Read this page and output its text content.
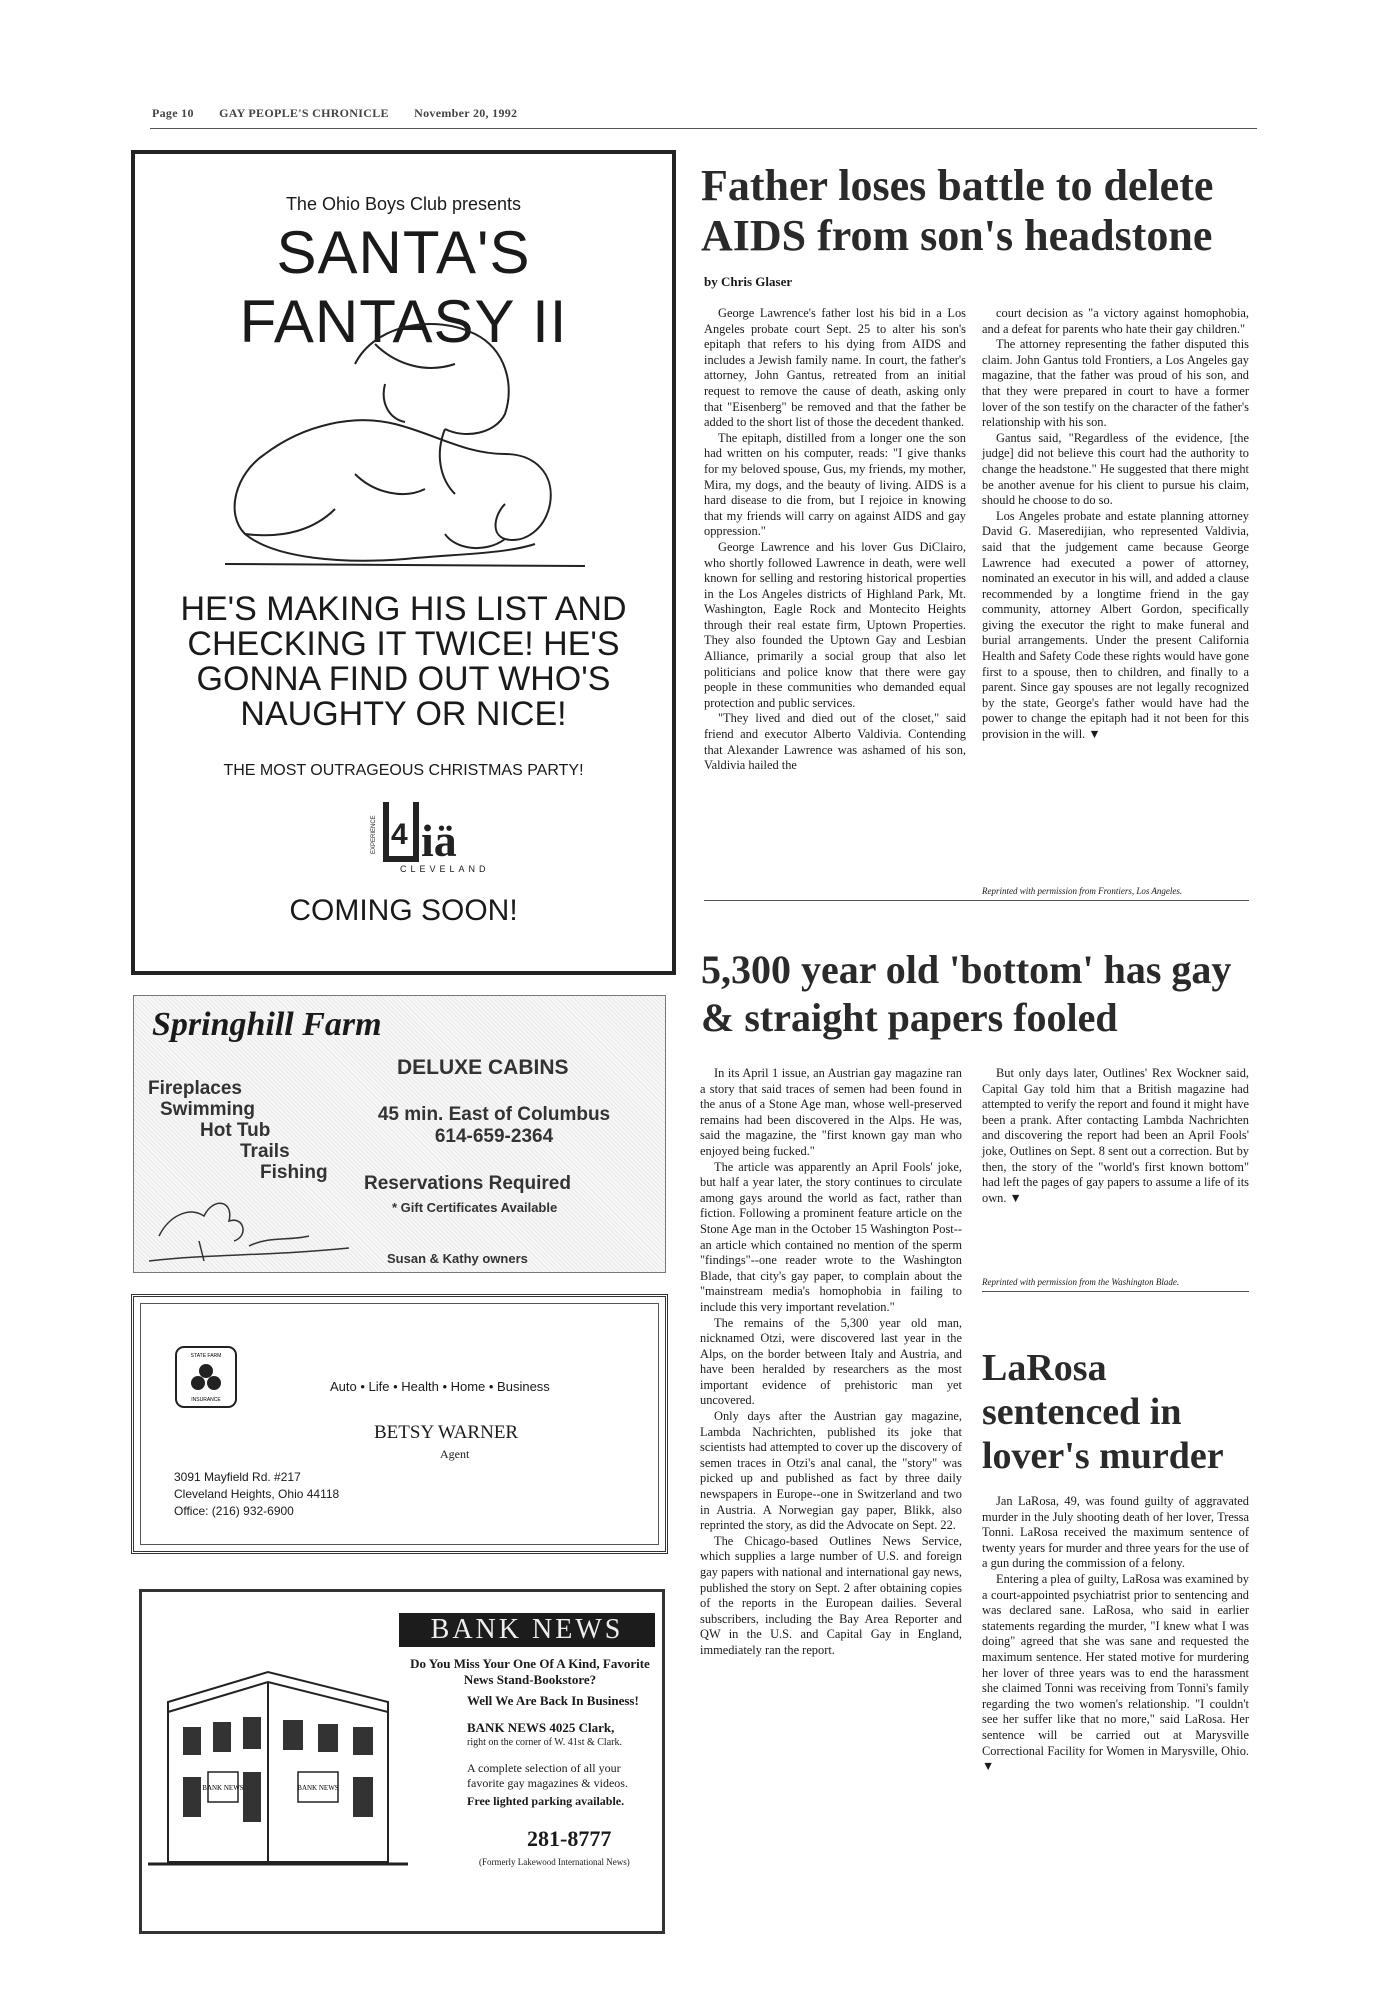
Page 10 GAY PEOPLE'S CHRONICLE November 20, 1992
The Ohio Boys Club presents
SANTA'S FANTASY II
HE'S MAKING HIS LIST AND CHECKING IT TWICE! HE'S GONNA FIND OUT WHO'S NAUGHTY OR NICE!
THE MOST OUTRAGEOUS CHRISTMAS PARTY!
iä
4
EXPERIENCE
CLEVELAND
COMING SOON!
Springhill Farm
Fireplaces
Swimming
Hot Tub
Trails
Fishing
DELUXE CABINS
45 min. East of Columbus
614-659-2364
Reservations Required
* Gift Certificates Available
Susan & Kathy owners
STATE FARM
INSURANCE
Auto • Life • Health • Home • Business
BETSY WARNER
Agent
3091 Mayfield Rd. #217
Cleveland Heights, Ohio 44118
Office: (216) 932-6900
BANK NEWS	BANK NEWS
BANK NEWS
Do You Miss Your One Of A Kind, Favorite News Stand-Bookstore?
Well We Are Back In Business!
BANK NEWS 4025 Clark,
right on the corner of W. 41st & Clark.
A complete selection of all your favorite gay magazines & videos.
Free lighted parking available.
281-8777
(Formerly Lakewood International News)
Father loses battle to delete AIDS from son's headstone
by Chris Glaser

George Lawrence's father lost his bid in a Los Angeles probate court Sept. 25 to alter his son's epitaph that refers to his dying from AIDS and includes a Jewish family name. In court, the father's attorney, John Gantus, retreated from an initial request to remove the cause of death, asking only that "Eisenberg" be removed and that the father be added to the short list of those the decedent thanked.

The epitaph, distilled from a longer one the son had written on his computer, reads: "I give thanks for my beloved spouse, Gus, my friends, my mother, Mira, my dogs, and the beauty of living. AIDS is a hard disease to die from, but I rejoice in knowing that my friends will carry on against AIDS and gay oppression."

George Lawrence and his lover Gus DiClairo, who shortly followed Lawrence in death, were well known for selling and restoring historical properties in the Los Angeles districts of Highland Park, Mt. Washington, Eagle Rock and Montecito Heights through their real estate firm, Uptown Properties. They also founded the Uptown Gay and Lesbian Alliance, primarily a social group that also let politicians and police know that there were gay people in these communities who demanded equal protection and public services.

"They lived and died out of the closet," said friend and executor Alberto Valdivia. Contending that Alexander Lawrence was ashamed of his son, Valdivia hailed the

court decision as "a victory against homophobia, and a defeat for parents who hate their gay children."

The attorney representing the father disputed this claim. John Gantus told Frontiers, a Los Angeles gay magazine, that the father was proud of his son, and that they were prepared in court to have a former lover of the son testify on the character of the father's relationship with his son.

Gantus said, "Regardless of the evidence, [the judge] did not believe this court had the authority to change the headstone." He suggested that there might be another avenue for his client to pursue his claim, should he choose to do so.

Los Angeles probate and estate planning attorney David G. Maseredijian, who represented Valdivia, said that the judgement came because George Lawrence had executed a power of attorney, nominated an executor in his will, and added a clause recommended by a longtime friend in the gay community, attorney Albert Gordon, specifically giving the executor the right to make funeral and burial arrangements. Under the present California Health and Safety Code these rights would have gone first to a spouse, then to children, and finally to a parent. Since gay spouses are not legally recognized by the state, George's father would have had the power to change the epitaph had it not been for this provision in the will. ▼

Reprinted with permission from Frontiers, Los Angeles.
5,300 year old 'bottom' has gay & straight papers fooled

In its April 1 issue, an Austrian gay magazine ran a story that said traces of semen had been found in the anus of a Stone Age man, whose well-preserved remains had been discovered in the Alps. He was, said the magazine, the "first known gay man who enjoyed being fucked."

The article was apparently an April Fools' joke, but half a year later, the story continues to circulate among gays around the world as fact, rather than fiction. Following a prominent feature article on the Stone Age man in the October 15 Washington Post--an article which contained no mention of the sperm "findings"--one reader wrote to the Washington Blade, that city's gay paper, to complain about the "mainstream media's homophobia in failing to include this very important revelation."

The remains of the 5,300 year old man, nicknamed Otzi, were discovered last year in the Alps, on the border between Italy and Austria, and have been heralded by researchers as the most important evidence of prehistoric man yet uncovered.

Only days after the Austrian gay magazine, Lambda Nachrichten, published its joke that scientists had attempted to cover up the discovery of semen traces in Otzi's anal canal, the "story" was picked up and published as fact by three daily newspapers in Europe--one in Switzerland and two in Austria. A Norwegian gay paper, Blikk, also reprinted the story, as did the Advocate on Sept. 22.

The Chicago-based Outlines News Service, which supplies a large number of U.S. and foreign gay papers with national and international gay news, published the story on Sept. 2 after obtaining copies of the reports in the European dailies. Several subscribers, including the Bay Area Reporter and QW in the U.S. and Capital Gay in England, immediately ran the report.

But only days later, Outlines' Rex Wockner said, Capital Gay told him that a British magazine had attempted to verify the report and found it might have been a prank. After contacting Lambda Nachrichten and discovering the report had been an April Fools' joke, Outlines on Sept. 8 sent out a correction. But by then, the story of the "world's first known bottom" had left the pages of gay papers to assume a life of its own. ▼

Reprinted with permission from the Washington Blade.
LaRosa sentenced in lover's murder

Jan LaRosa, 49, was found guilty of aggravated murder in the July shooting death of her lover, Tressa Tonni. LaRosa received the maximum sentence of twenty years for murder and three years for the use of a gun during the commission of a felony.

Entering a plea of guilty, LaRosa was examined by a court-appointed psychiatrist prior to sentencing and was declared sane. LaRosa, who said in earlier statements regarding the murder, "I knew what I was doing" agreed that she was sane and requested the maximum sentence. Her stated motive for murdering her lover of three years was to end the harassment she claimed Tonni was receiving from Tonni's family regarding the two women's relationship. "I couldn't see her suffer like that no more," said LaRosa. Her sentence will be carried out at Marysville Correctional Facility for Women in Marysville, Ohio. ▼
